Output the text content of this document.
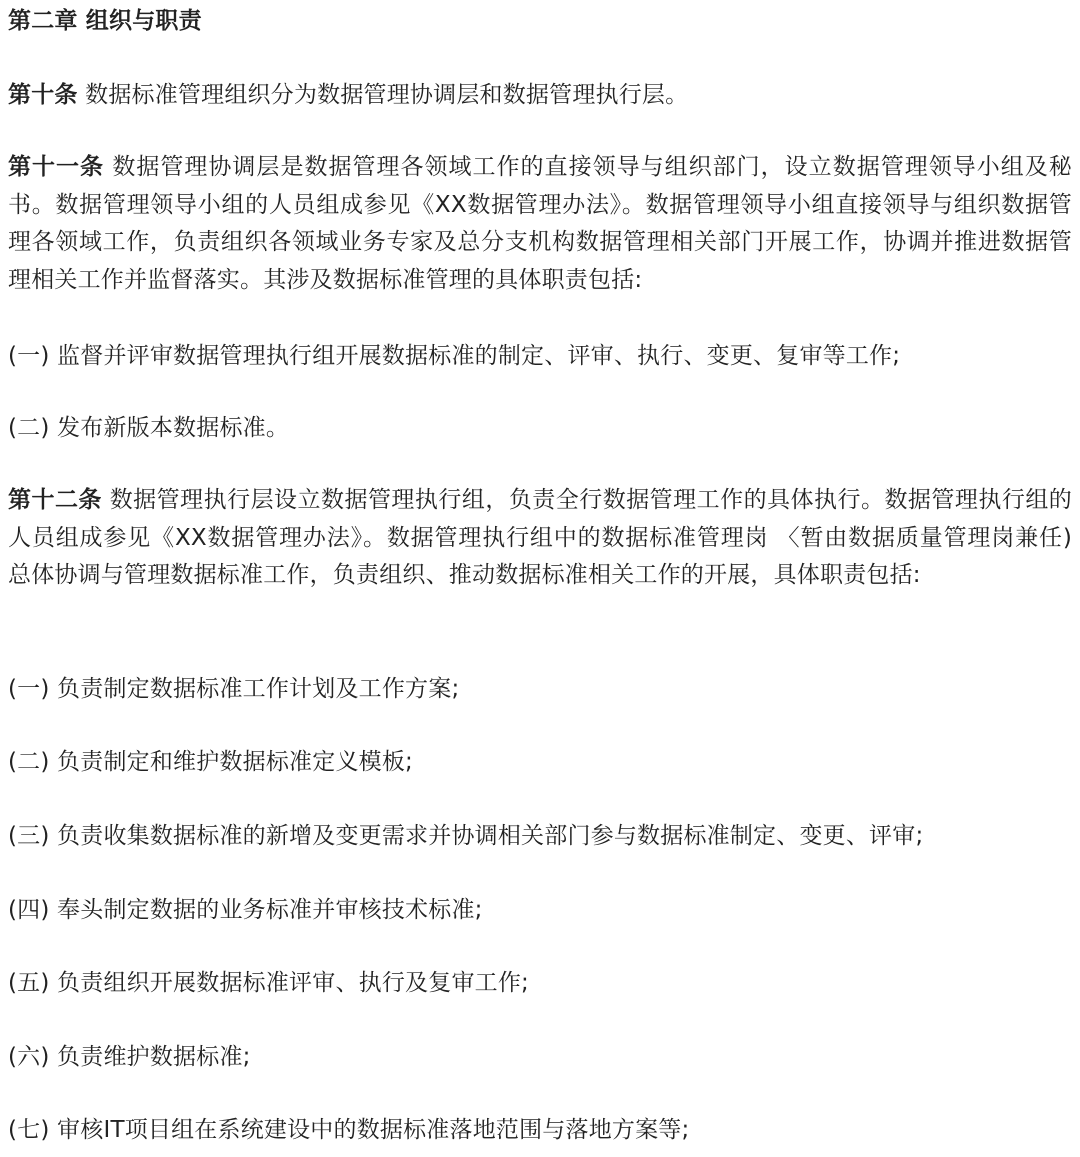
第二章 组织与职责
第十条 数据标准管理组织分为数据管理协调层和数据管理执行层。
第十一条 数据管理协调层是数据管理各领域工作的直接领导与组织部门，设立数据管理领导小组及秘书。数据管理领导小组的人员组成参见《XX数据管理办法》。数据管理领导小组直接领导与组织数据管理各领域工作，负责组织各领域业务专家及总分支机构数据管理相关部门开展工作，协调并推进数据管理相关工作并监督落实。其涉及数据标准管理的具体职责包括:
(一) 监督并评审数据管理执行组开展数据标准的制定、评审、执行、变更、复审等工作;
(二) 发布新版本数据标准。
第十二条 数据管理执行层设立数据管理执行组，负责全行数据管理工作的具体执行。数据管理执行组的人员组成参见《XX数据管理办法》。数据管理执行组中的数据标准管理岗 〈暂由数据质量管理岗兼任) 总体协调与管理数据标准工作，负责组织、推动数据标准相关工作的开展，具体职责包括:
(一) 负责制定数据标准工作计划及工作方案;
(二) 负责制定和维护数据标准定义模板;
(三) 负责收集数据标准的新增及变更需求并协调相关部门参与数据标准制定、变更、评审;
(四) 奉头制定数据的业务标准并审核技术标准;
(五) 负责组织开展数据标准评审、执行及复审工作;
(六) 负责维护数据标准;
(七) 审核IT项目组在系统建设中的数据标准落地范围与落地方案等;
